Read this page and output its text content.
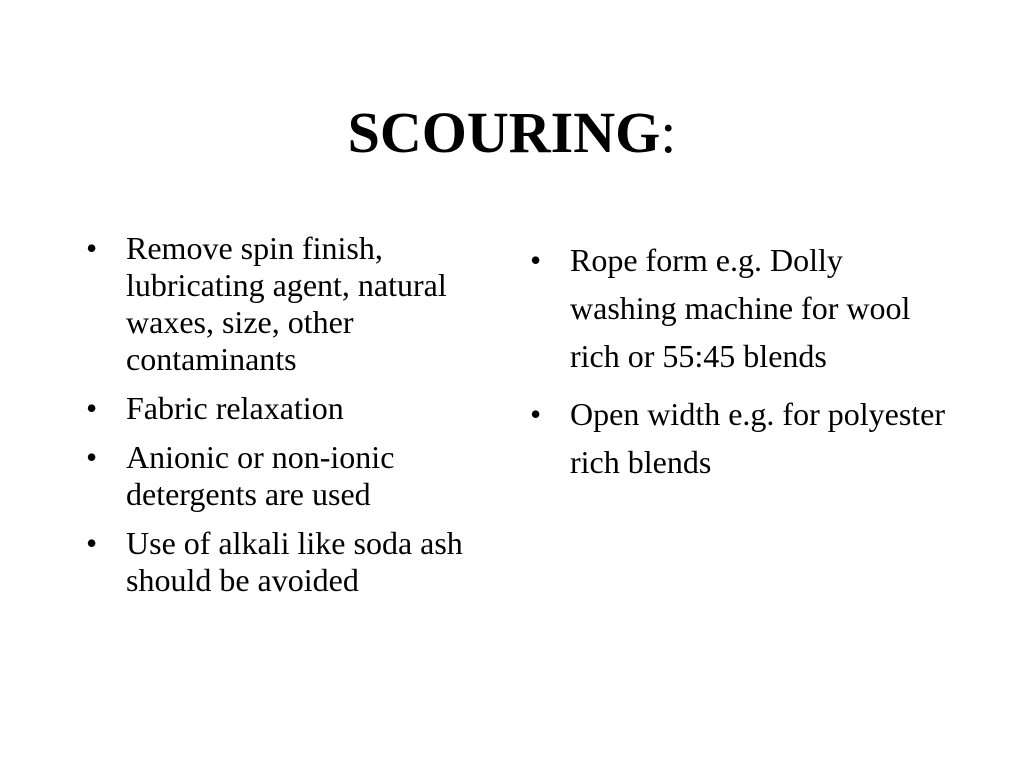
SCOURING:
• Remove spin finish, lubricating agent, natural waxes, size, other contaminants
• Fabric relaxation
• Anionic or non-ionic detergents are used
• Use of alkali like soda ash should be avoided
• Rope form e.g. Dolly washing machine for wool rich or 55:45 blends
• Open width e.g. for polyester rich blends
